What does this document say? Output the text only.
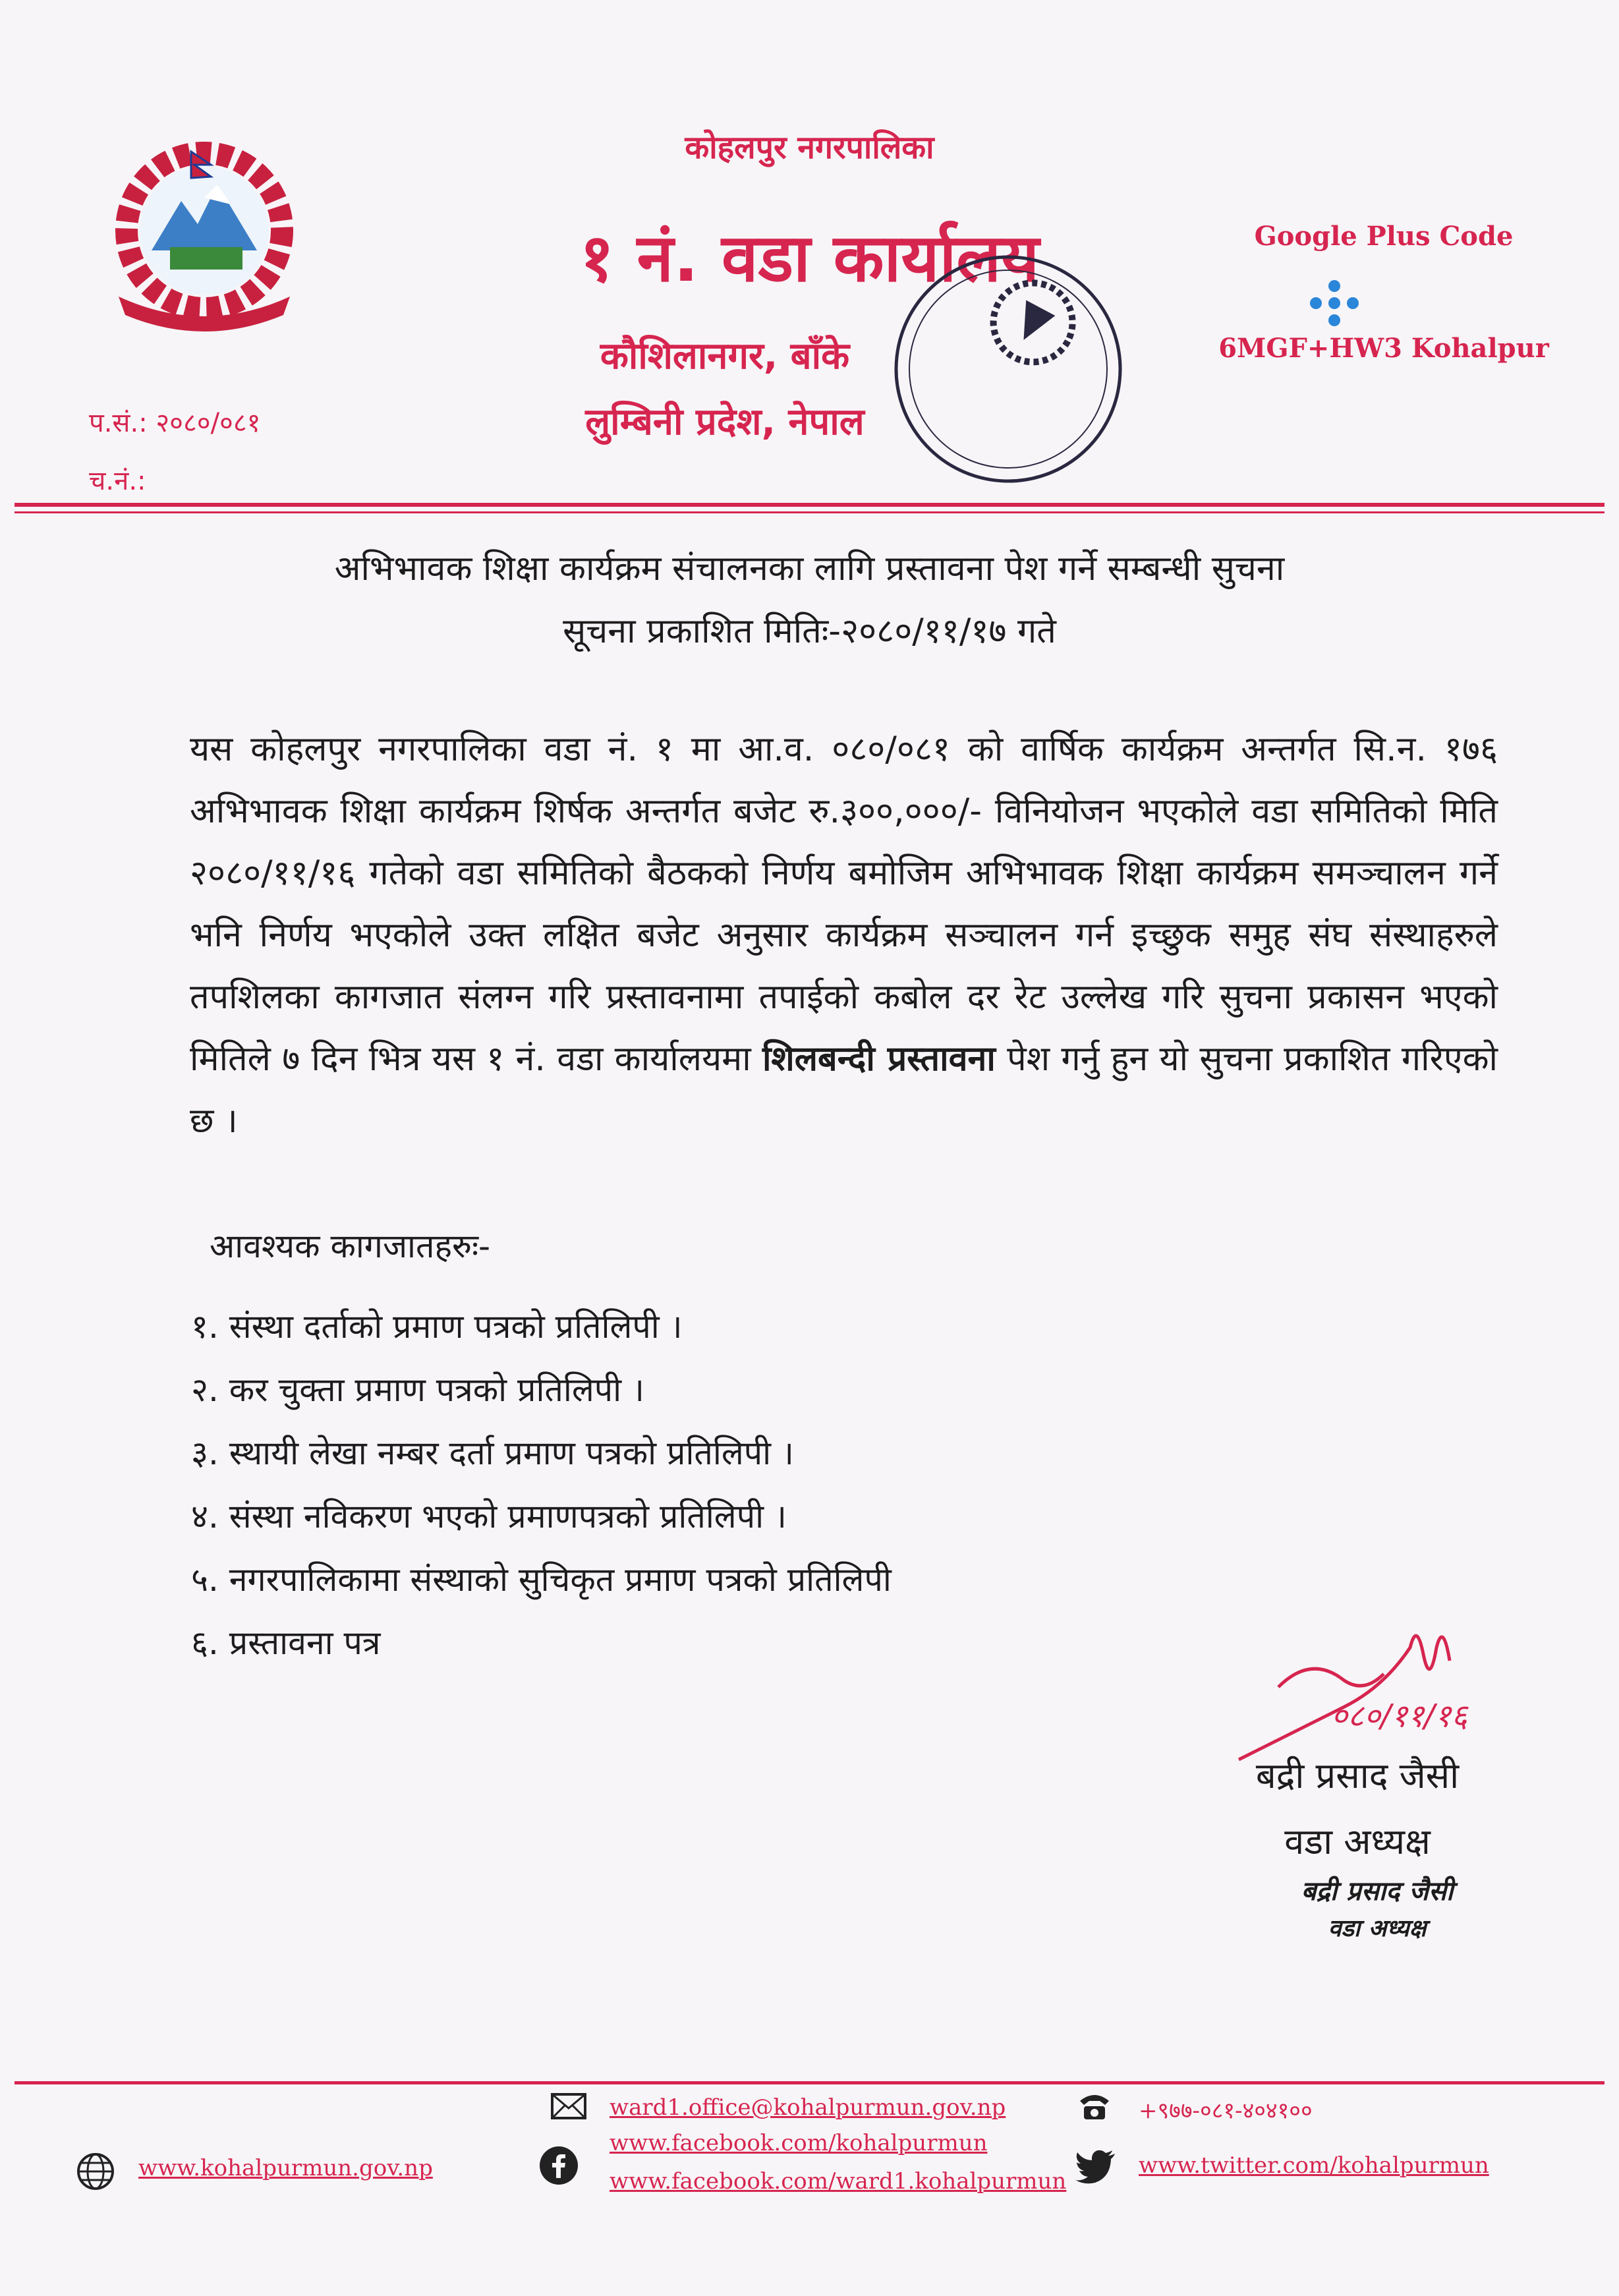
कोहलपुर नगरपालिका
१ नं. वडा कार्यालय
कौशिलानगर, बाँके
लुम्बिनी प्रदेश, नेपाल
Google Plus Code
6MGF+HW3 Kohalpur
प.सं.: २०८०/०८१
च.नं.:
अभिभावक शिक्षा कार्यक्रम संचालनका लागि प्रस्तावना पेश गर्ने सम्बन्धी सुचना
सूचना प्रकाशित मितिः-२०८०/११/१७ गते
यस कोहलपुर नगरपालिका वडा नं. १ मा आ.व. ०८०/०८१ को वार्षिक कार्यक्रम अन्तर्गत सि.न. १७६ अभिभावक शिक्षा कार्यक्रम शिर्षक अन्तर्गत बजेट रु.३००,०००/- विनियोजन भएकोले वडा समितिको मिति २०८०/११/१६ गतेको वडा समितिको बैठकको निर्णय बमोजिम अभिभावक शिक्षा कार्यक्रम समञ्चालन गर्ने भनि निर्णय भएकोले उक्त लक्षित बजेट अनुसार कार्यक्रम सञ्चालन गर्न इच्छुक समुह संघ संस्थाहरुले तपशिलका कागजात संलग्न गरि प्रस्तावनामा तपाईको कबोल दर रेट उल्लेख गरि सुचना प्रकासन भएको मितिले ७ दिन भित्र यस १ नं. वडा कार्यालयमा शिलबन्दी प्रस्तावना पेश गर्नु हुन यो सुचना प्रकाशित गरिएको छ ।
आवश्यक कागजातहरुः-
१. संस्था दर्ताको प्रमाण पत्रको प्रतिलिपी ।
२. कर चुक्ता प्रमाण पत्रको प्रतिलिपी ।
३. स्थायी लेखा नम्बर दर्ता प्रमाण पत्रको प्रतिलिपी ।
४. संस्था नविकरण भएको प्रमाणपत्रको प्रतिलिपी ।
५. नगरपालिकामा संस्थाको सुचिकृत प्रमाण पत्रको प्रतिलिपी
६. प्रस्तावना पत्र
०८०/११/१६
बद्री प्रसाद जैसी
वडा अध्यक्ष
बद्री प्रसाद जैसी
वडा अध्यक्ष
ward1.office@kohalpurmun.gov.np	+९७७-०८१-४०४१००
www.kohalpurmun.gov.np
www.facebook.com/kohalpurmun
www.facebook.com/ward1.kohalpurmun
www.twitter.com/kohalpurmun
